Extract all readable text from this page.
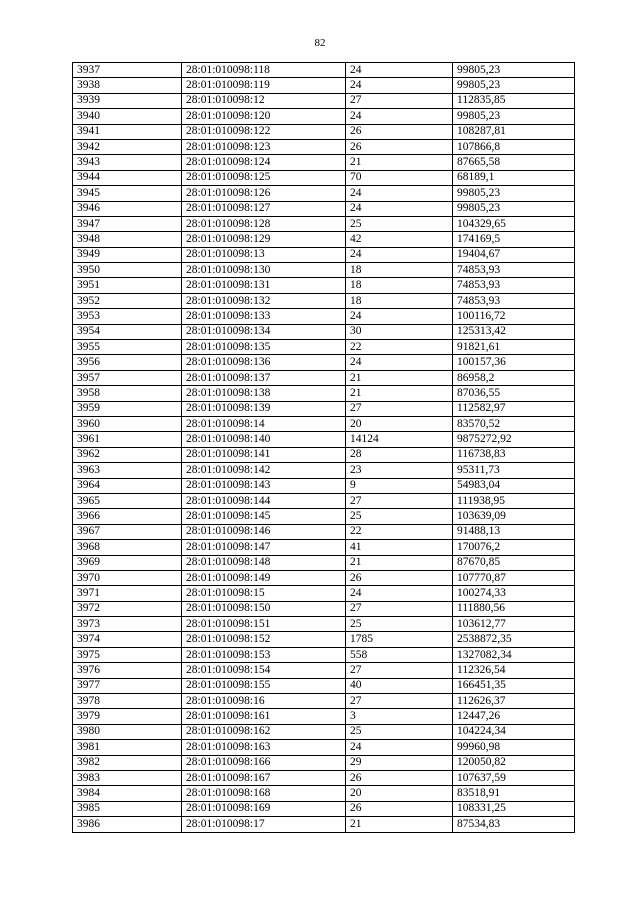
82
3937	28:01:010098:118	24	99805,23
3938	28:01:010098:119	24	99805,23
3939	28:01:010098:12	27	112835,85
3940	28:01:010098:120	24	99805,23
3941	28:01:010098:122	26	108287,81
3942	28:01:010098:123	26	107866,8
3943	28:01:010098:124	21	87665,58
3944	28:01:010098:125	70	68189,1
3945	28:01:010098:126	24	99805,23
3946	28:01:010098:127	24	99805,23
3947	28:01:010098:128	25	104329,65
3948	28:01:010098:129	42	174169,5
3949	28:01:010098:13	24	19404,67
3950	28:01:010098:130	18	74853,93
3951	28:01:010098:131	18	74853,93
3952	28:01:010098:132	18	74853,93
3953	28:01:010098:133	24	100116,72
3954	28:01:010098:134	30	125313,42
3955	28:01:010098:135	22	91821,61
3956	28:01:010098:136	24	100157,36
3957	28:01:010098:137	21	86958,2
3958	28:01:010098:138	21	87036,55
3959	28:01:010098:139	27	112582,97
3960	28:01:010098:14	20	83570,52
3961	28:01:010098:140	14124	9875272,92
3962	28:01:010098:141	28	116738,83
3963	28:01:010098:142	23	95311,73
3964	28:01:010098:143	9	54983,04
3965	28:01:010098:144	27	111938,95
3966	28:01:010098:145	25	103639,09
3967	28:01:010098:146	22	91488,13
3968	28:01:010098:147	41	170076,2
3969	28:01:010098:148	21	87670,85
3970	28:01:010098:149	26	107770,87
3971	28:01:010098:15	24	100274,33
3972	28:01:010098:150	27	111880,56
3973	28:01:010098:151	25	103612,77
3974	28:01:010098:152	1785	2538872,35
3975	28:01:010098:153	558	1327082,34
3976	28:01:010098:154	27	112326,54
3977	28:01:010098:155	40	166451,35
3978	28:01:010098:16	27	112626,37
3979	28:01:010098:161	3	12447,26
3980	28:01:010098:162	25	104224,34
3981	28:01:010098:163	24	99960,98
3982	28:01:010098:166	29	120050,82
3983	28:01:010098:167	26	107637,59
3984	28:01:010098:168	20	83518,91
3985	28:01:010098:169	26	108331,25
3986	28:01:010098:17	21	87534,83
